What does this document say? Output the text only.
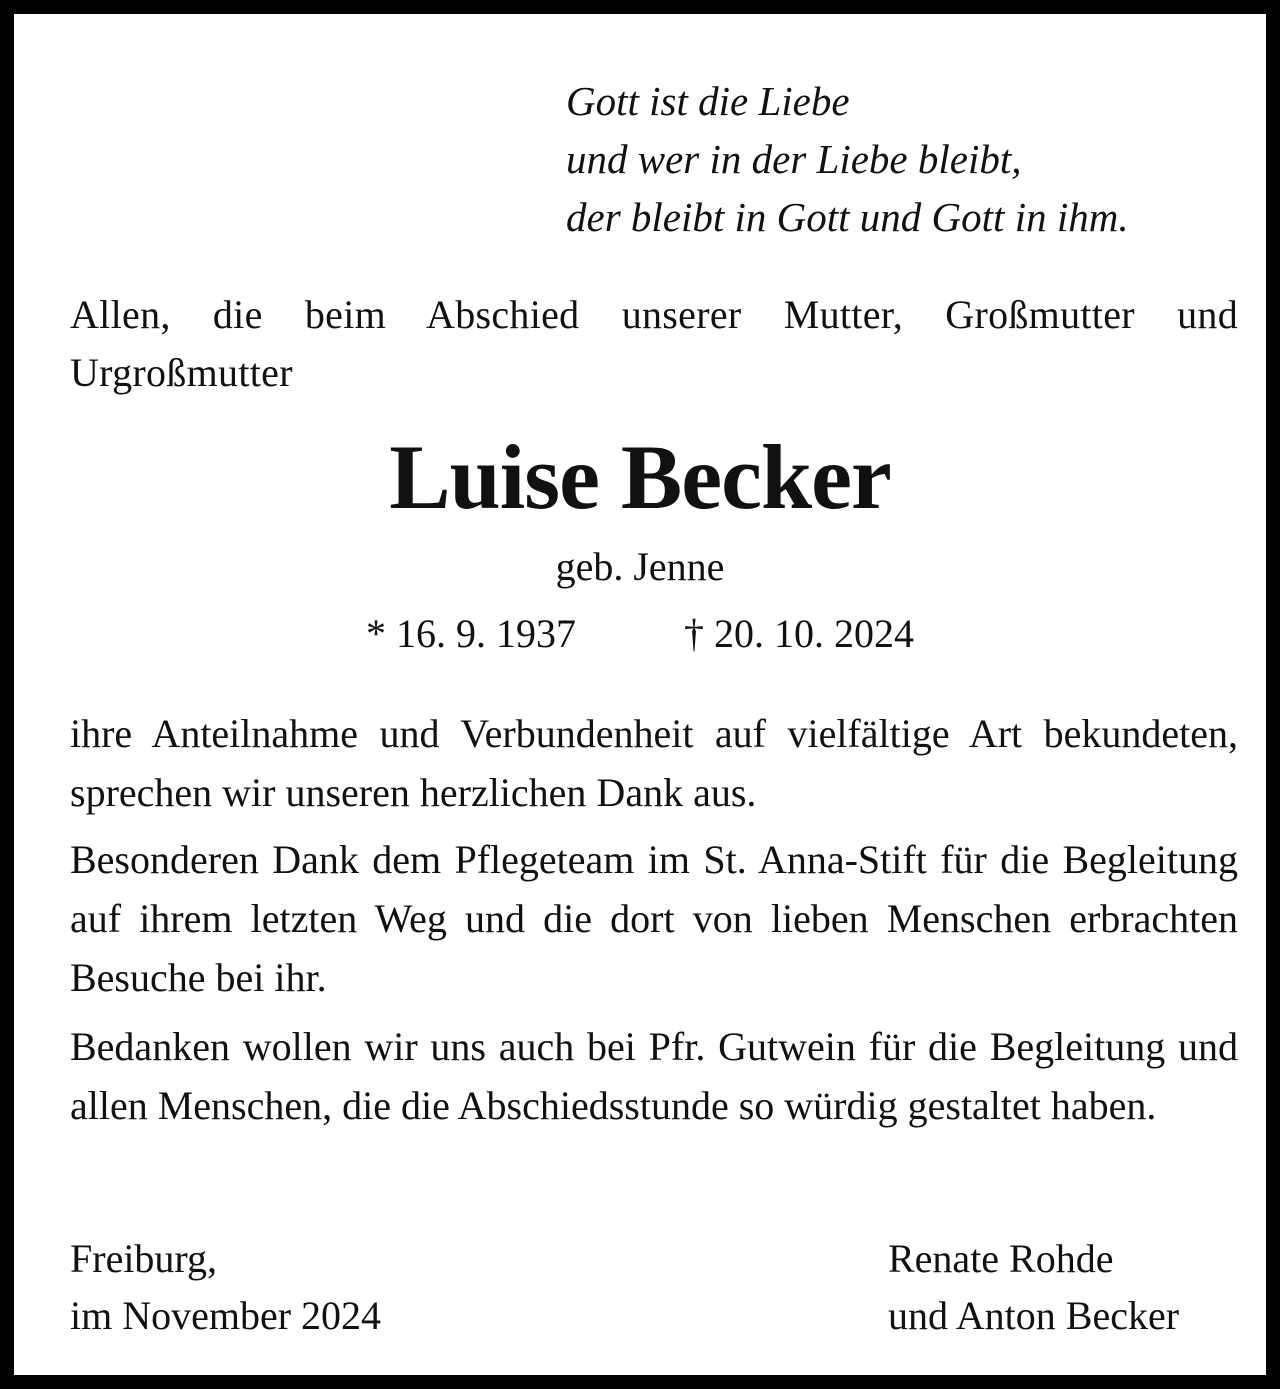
Gott ist die Liebe
und wer in der Liebe bleibt,
der bleibt in Gott und Gott in ihm.
Allen, die beim Abschied unserer Mutter, Großmutter und Urgroßmutter
Luise Becker
geb. Jenne
* 16. 9. 1937	† 20. 10. 2024
ihre Anteilnahme und Verbundenheit auf vielfältige Art bekundeten, sprechen wir unseren herzlichen Dank aus.
Besonderen Dank dem Pflegeteam im St. Anna-Stift für die Begleitung auf ihrem letzten Weg und die dort von lieben Menschen erbrachten Besuche bei ihr.
Bedanken wollen wir uns auch bei Pfr. Gutwein für die Begleitung und allen Menschen, die die Abschiedsstunde so würdig gestaltet haben.
Freiburg,
im November 2024
Renate Rohde
und Anton Becker
